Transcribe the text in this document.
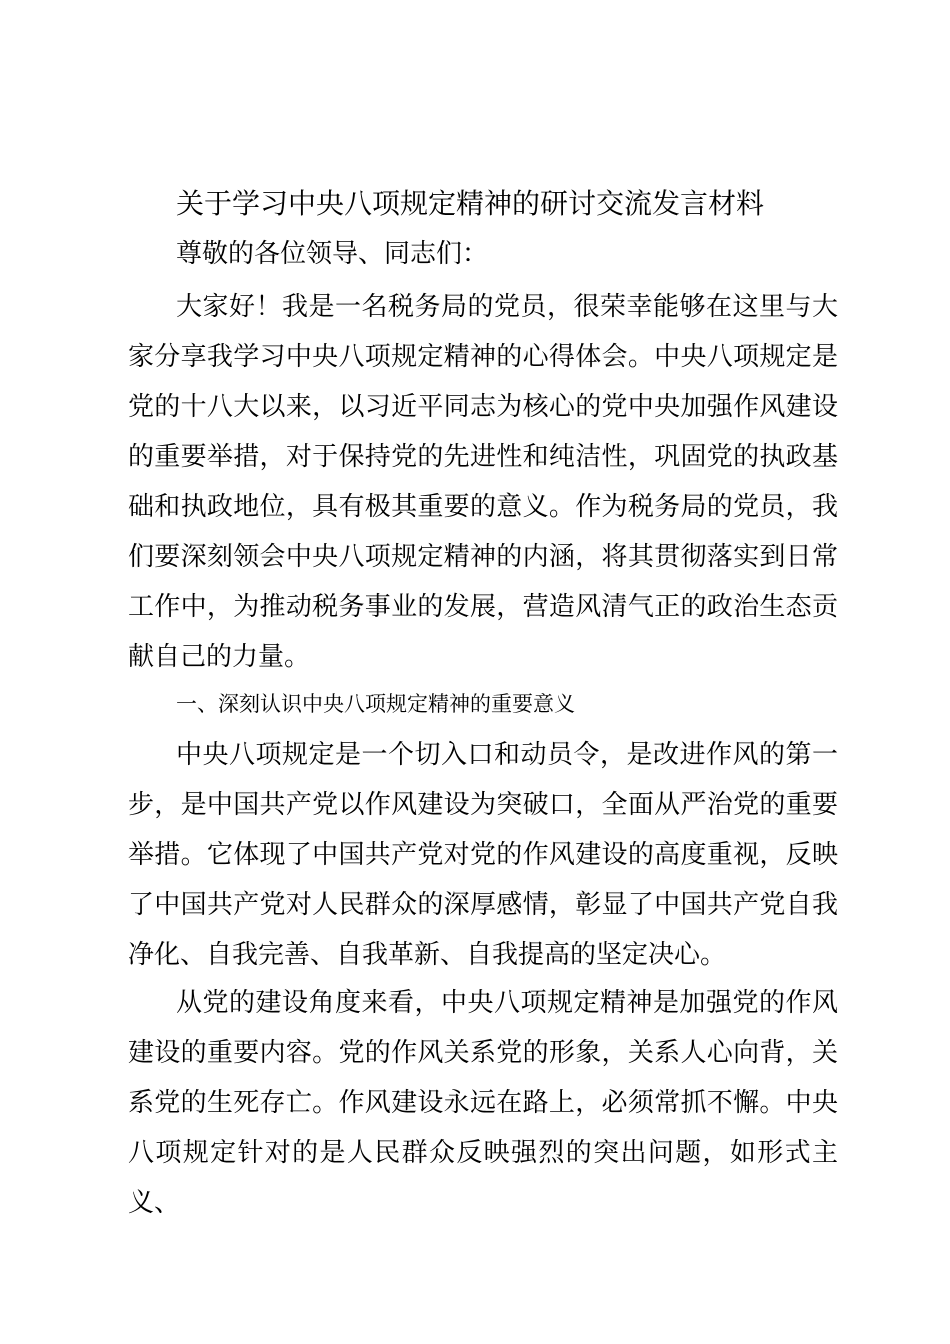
关于学习中央八项规定精神的研讨交流发言材料
尊敬的各位领导、同志们：

大家好！我是一名税务局的党员，很荣幸能够在这里与大家分享我学习中央八项规定精神的心得体会。中央八项规定是党的十八大以来，以习近平同志为核心的党中央加强作风建设的重要举措，对于保持党的先进性和纯洁性，巩固党的执政基础和执政地位，具有极其重要的意义。作为税务局的党员，我们要深刻领会中央八项规定精神的内涵，将其贯彻落实到日常工作中，为推动税务事业的发展，营造风清气正的政治生态贡献自己的力量。

一、深刻认识中央八项规定精神的重要意义

中央八项规定是一个切入口和动员令，是改进作风的第一步，是中国共产党以作风建设为突破口，全面从严治党的重要举措。它体现了中国共产党对党的作风建设的高度重视，反映了中国共产党对人民群众的深厚感情，彰显了中国共产党自我净化、自我完善、自我革新、自我提高的坚定决心。

从党的建设角度来看，中央八项规定精神是加强党的作风建设的重要内容。党的作风关系党的形象，关系人心向背，关系党的生死存亡。作风建设永远在路上，必须常抓不懈。中央八项规定针对的是人民群众反映强烈的突出问题，如形式主义、
